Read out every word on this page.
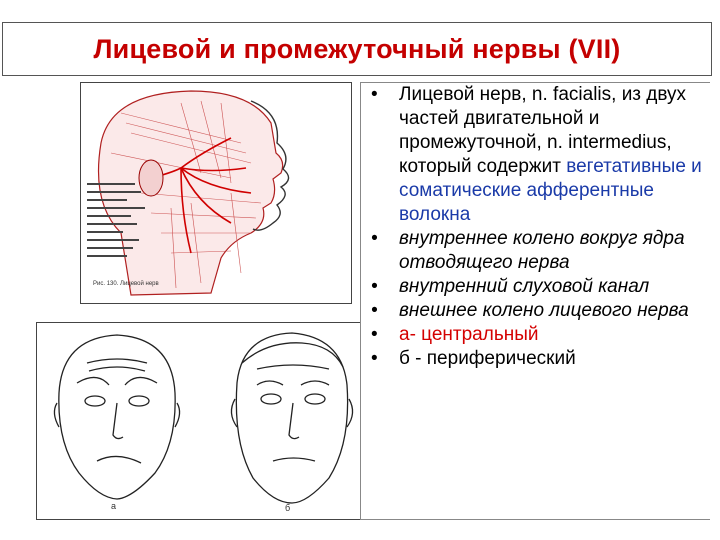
Лицевой и промежуточный нервы (VII)
Рис. 130. Лицевой нерв
а	б
• Лицевой нерв, n. facialis, из двух частей двигательной и промежуточной, n. intermedius, который содержит вегетативные и соматические афферентные волокна
• внутреннее колено вокруг ядра отводящего нерва
• внутренний слуховой канал
• внешнее колено лицевого нерва
• а- центральный
• б - периферический
